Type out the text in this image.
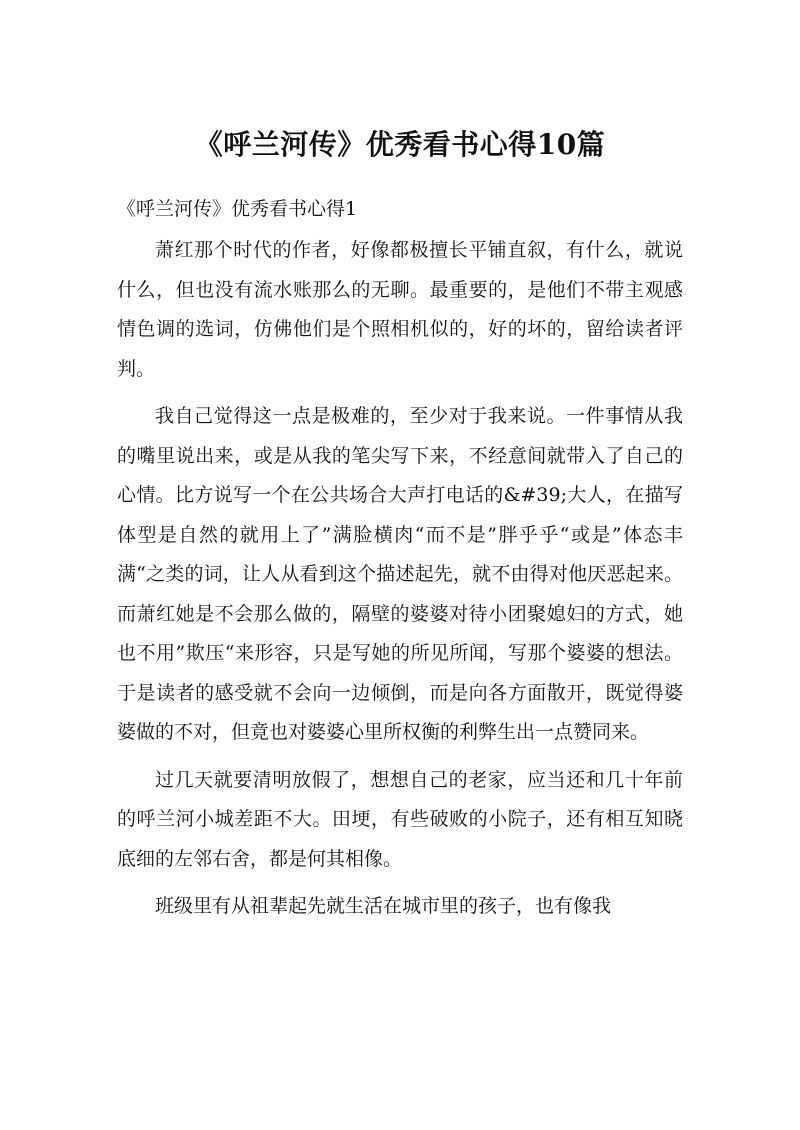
《呼兰河传》优秀看书心得10篇
《呼兰河传》优秀看书心得1

萧红那个时代的作者，好像都极擅长平铺直叙，有什么，就说什么，但也没有流水账那么的无聊。最重要的，是他们不带主观感情色调的选词，仿佛他们是个照相机似的，好的坏的，留给读者评判。

我自己觉得这一点是极难的，至少对于我来说。一件事情从我的嘴里说出来，或是从我的笔尖写下来，不经意间就带入了自己的心情。比方说写一个在公共场合大声打电话的&#39;大人，在描写体型是自然的就用上了”满脸横肉“而不是”胖乎乎“或是”体态丰满“之类的词，让人从看到这个描述起先，就不由得对他厌恶起来。而萧红她是不会那么做的，隔壁的婆婆对待小团聚媳妇的方式，她也不用”欺压“来形容，只是写她的所见所闻，写那个婆婆的想法。于是读者的感受就不会向一边倾倒，而是向各方面散开，既觉得婆婆做的不对，但竟也对婆婆心里所权衡的利弊生出一点赞同来。

过几天就要清明放假了，想想自己的老家，应当还和几十年前的呼兰河小城差距不大。田埂，有些破败的小院子，还有相互知晓底细的左邻右舍，都是何其相像。

班级里有从祖辈起先就生活在城市里的孩子，也有像我
